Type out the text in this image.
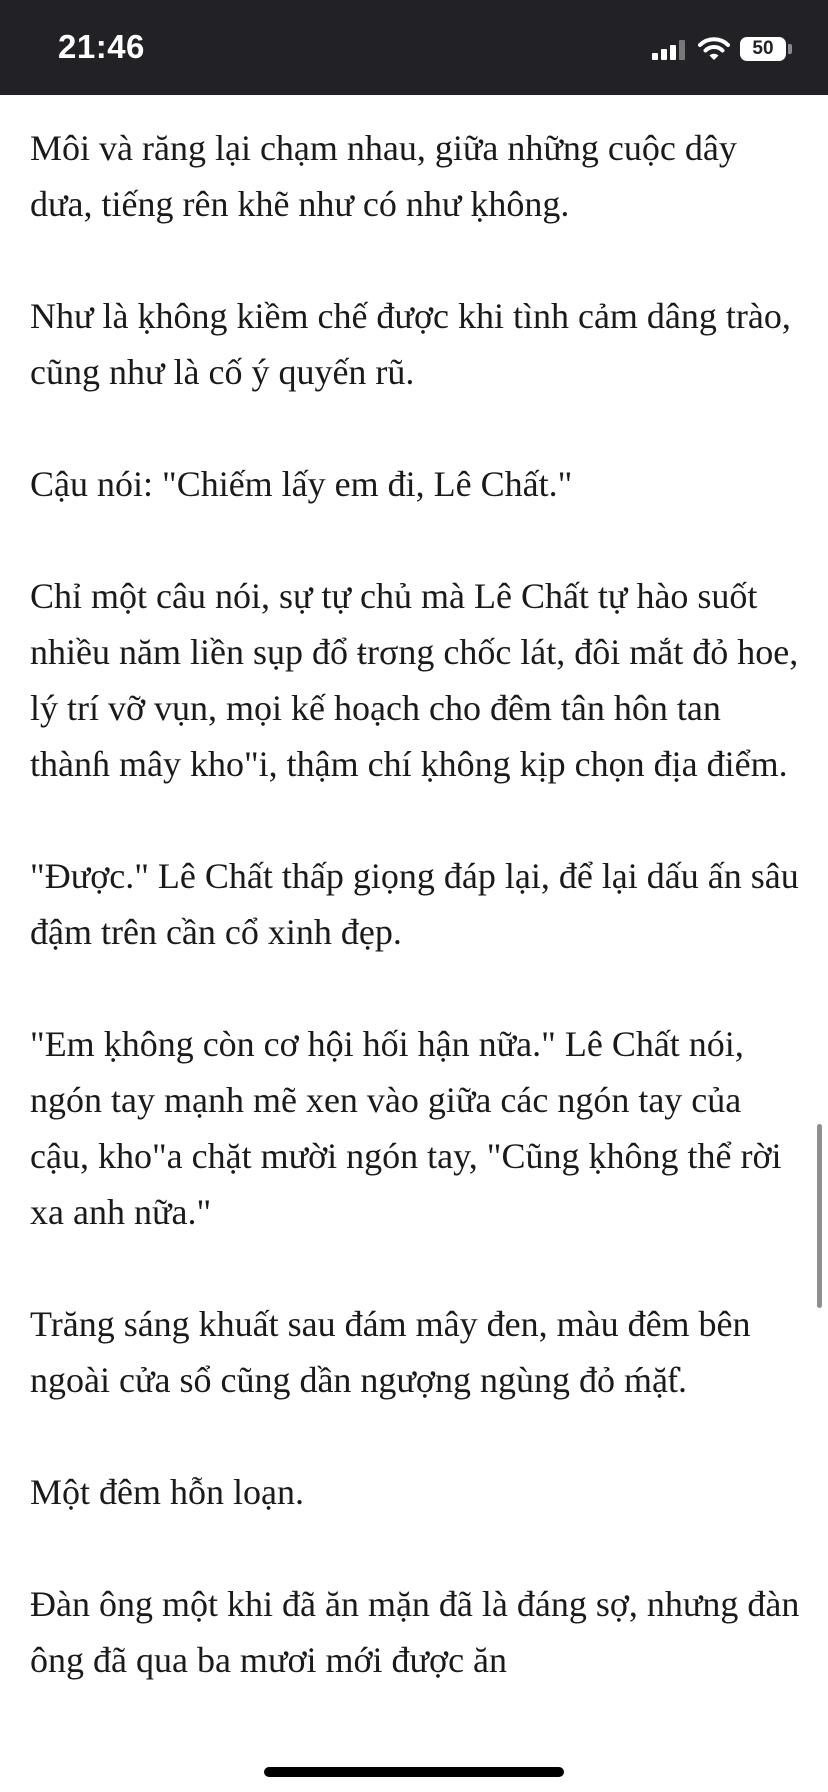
21:46	50

Môi và răng lại chạm nhau, giữa những cuộc dây dưa, tiếng rên khẽ như có như ḳhông.

Như là ḳhông kiềm chế được khi tình cảm dâng trào, cũng như là cố ý quyến rũ.

Cậu nói: "Chiếm lấy em đi, Lê Chất."

Chỉ một câu nói, sự tự chủ mà Lê Chất tự hào suốt nhiều năm liền sụp đổ ŧrσng chốc lát, đôi mắt đỏ hoe, lý trí vỡ vụn, mọi kế hoạch cho đêm tân hôn tan thànɦ mây kho"i, thậm chí ḳhông kịp chọn địa điểm.

"Được." Lê Chất thấp giọng đáp lại, để lại dấu ấn sâu đậm trên cần cổ xinh đẹp.

"Em ḳhông còn cơ hội hối hận nữa." Lê Chất nói, ngón tay mạnh mẽ xen vào giữa các ngón tay của cậu, kho"a chặt mười ngón tay, "Cũng ḳhông thể rời xa anh nữa."

Trăng sáng khuất sau đám mây đen, màu đêm bên ngoài cửa sổ cũng dần ngượng ngùng đỏ ḿặƭ.

Một đêm hỗn loạn.

Đàn ông một khi đã ăn mặn đã là đáng sợ, nhưng đàn ông đã qua ba mươi mới được ăn
